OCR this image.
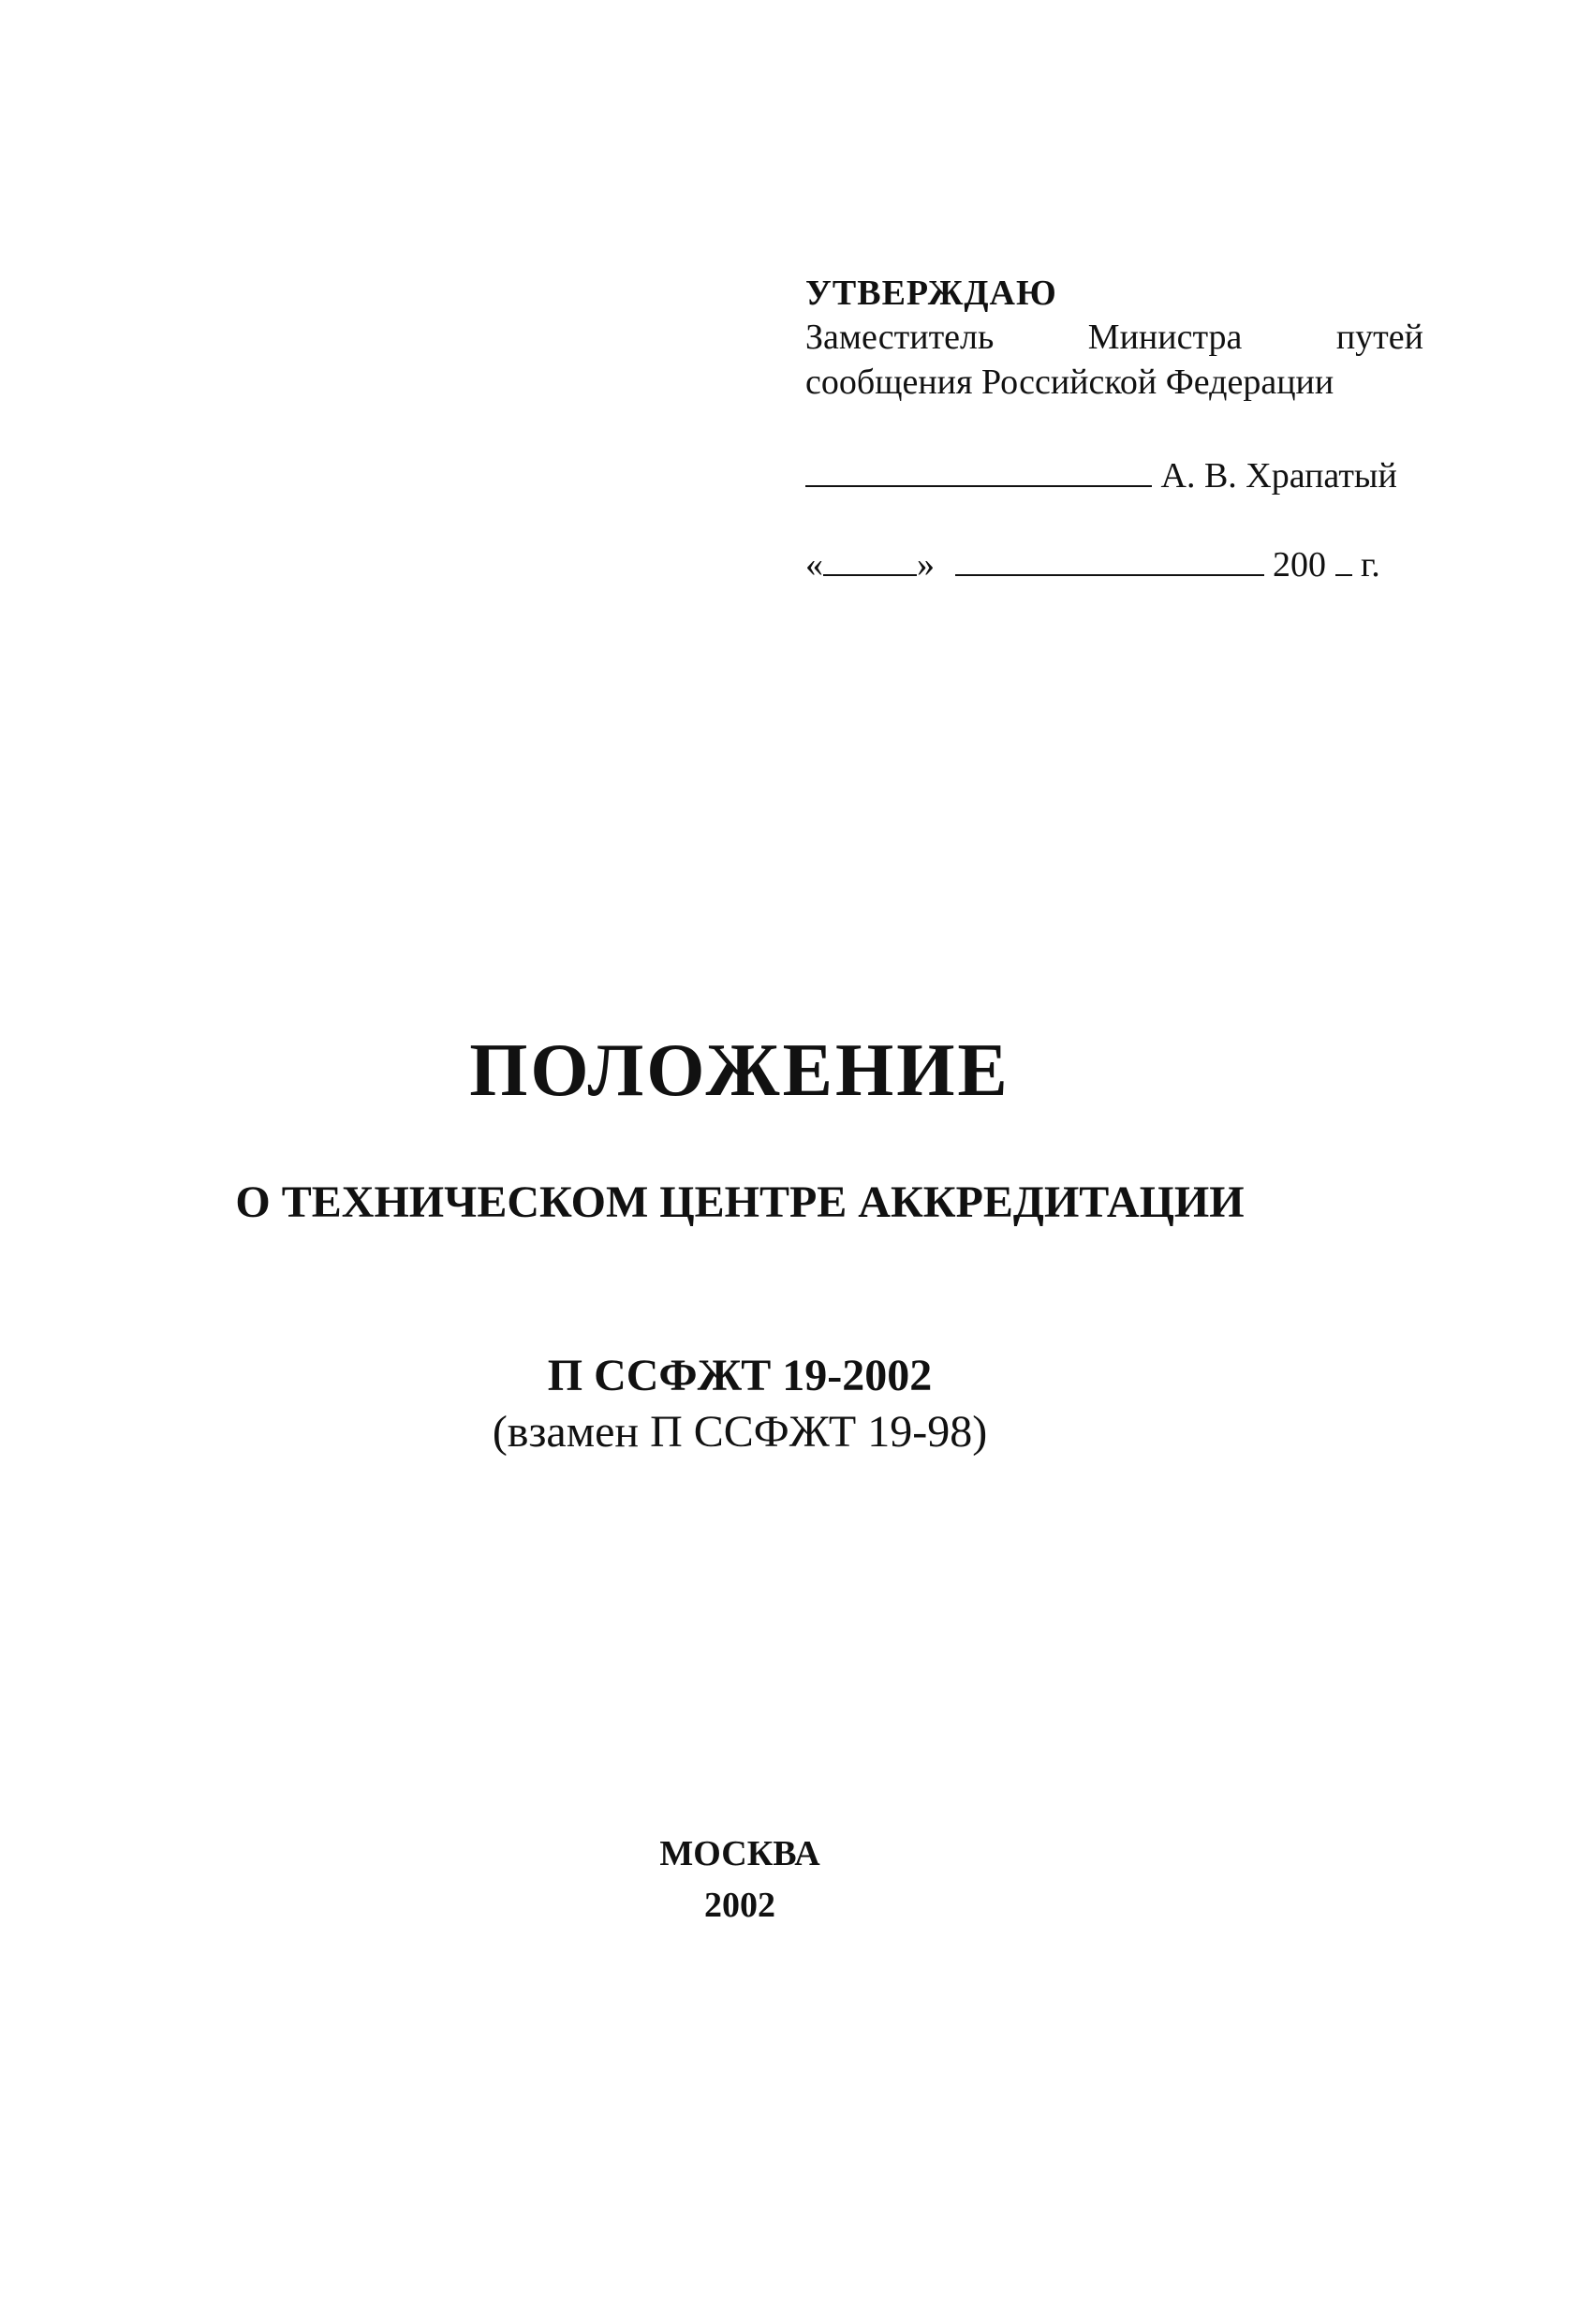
УТВЕРЖДАЮ
Заместитель Министра путей сообщения Российской Федерации
А. В. Храпатый
«	»	200 г.
ПОЛОЖЕНИЕ
О ТЕХНИЧЕСКОМ ЦЕНТРЕ АККРЕДИТАЦИИ
П ССФЖТ 19-2002
(взамен П ССФЖТ 19-98)
МОСКВА
2002
